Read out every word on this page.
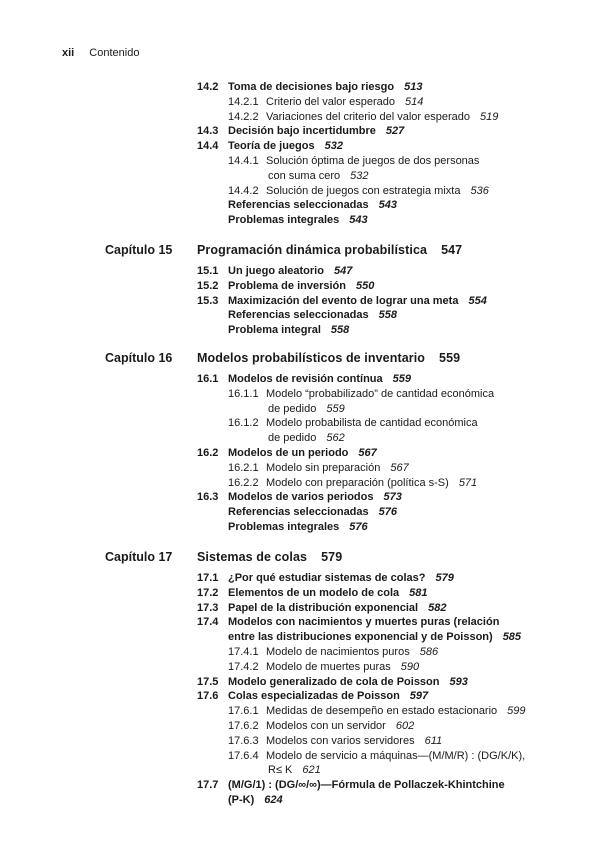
xii Contenido
14.2 Toma de decisiones bajo riesgo 513
14.2.1 Criterio del valor esperado 514
14.2.2 Variaciones del criterio del valor esperado 519
14.3 Decisión bajo incertidumbre 527
14.4 Teoría de juegos 532
14.4.1 Solución óptima de juegos de dos personas
con suma cero 532
14.4.2 Solución de juegos con estrategia mixta 536
Referencias seleccionadas 543
Problemas integrales 543
Capítulo 15 Programación dinámica probabilística 547
15.1 Un juego aleatorio 547
15.2 Problema de inversión 550
15.3 Maximización del evento de lograr una meta 554
Referencias seleccionadas 558
Problema integral 558
Capítulo 16 Modelos probabilísticos de inventario 559
16.1 Modelos de revisión contínua 559
16.1.1 Modelo “probabilizado” de cantidad económica
de pedido 559
16.1.2 Modelo probabilista de cantidad económica
de pedido 562
16.2 Modelos de un periodo 567
16.2.1 Modelo sin preparación 567
16.2.2 Modelo con preparación (política s-S) 571
16.3 Modelos de varios periodos 573
Referencias seleccionadas 576
Problemas integrales 576
Capítulo 17 Sistemas de colas 579
17.1 ¿Por qué estudiar sistemas de colas? 579
17.2 Elementos de un modelo de cola 581
17.3 Papel de la distribución exponencial 582
17.4 Modelos con nacimientos y muertes puras (relación
entre las distribuciones exponencial y de Poisson) 585
17.4.1 Modelo de nacimientos puros 586
17.4.2 Modelo de muertes puras 590
17.5 Modelo generalizado de cola de Poisson 593
17.6 Colas especializadas de Poisson 597
17.6.1 Medidas de desempeño en estado estacionario 599
17.6.2 Modelos con un servidor 602
17.6.3 Modelos con varios servidores 611
17.6.4 Modelo de servicio a máquinas—(M/M/R) : (DG/K/K),
R≤ K 621
17.7 (M/G/1) : (DG/∞/∞)—Fórmula de Pollaczek-Khintchine
(P-K) 624
